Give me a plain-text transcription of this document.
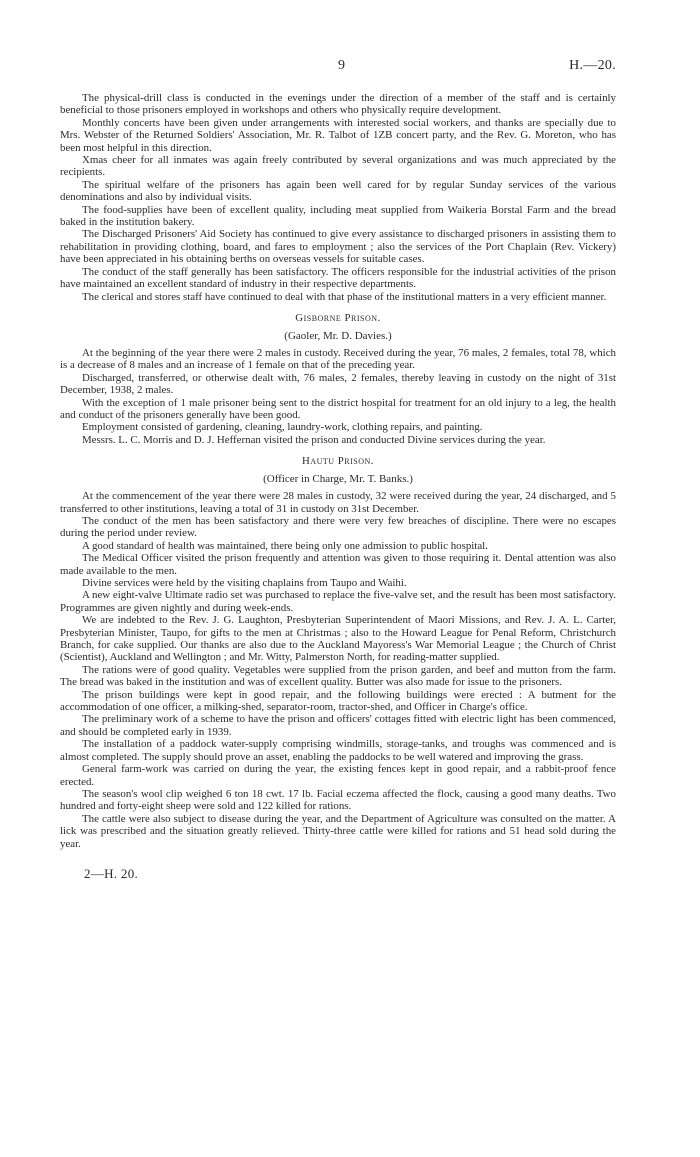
9	H.—20.

The physical-drill class is conducted in the evenings under the direction of a member of the staff and is certainly beneficial to those prisoners employed in workshops and others who physically require development.

Monthly concerts have been given under arrangements with interested social workers, and thanks are specially due to Mrs. Webster of the Returned Soldiers' Association, Mr. R. Talbot of 1ZB concert party, and the Rev. G. Moreton, who has been most helpful in this direction.

Xmas cheer for all inmates was again freely contributed by several organizations and was much appreciated by the recipients.

The spiritual welfare of the prisoners has again been well cared for by regular Sunday services of the various denominations and also by individual visits.

The food-supplies have been of excellent quality, including meat supplied from Waikeria Borstal Farm and the bread baked in the institution bakery.

The Discharged Prisoners' Aid Society has continued to give every assistance to discharged prisoners in assisting them to rehabilitation in providing clothing, board, and fares to employment ; also the services of the Port Chaplain (Rev. Vickery) have been appreciated in his obtaining berths on overseas vessels for suitable cases.

The conduct of the staff generally has been satisfactory. The officers responsible for the industrial activities of the prison have maintained an excellent standard of industry in their respective departments.

The clerical and stores staff have continued to deal with that phase of the institutional matters in a very efficient manner.

Gisborne Prison.
(Gaoler, Mr. D. Davies.)

At the beginning of the year there were 2 males in custody. Received during the year, 76 males, 2 females, total 78, which is a decrease of 8 males and an increase of 1 female on that of the preceding year.

Discharged, transferred, or otherwise dealt with, 76 males, 2 females, thereby leaving in custody on the night of 31st December, 1938, 2 males.

With the exception of 1 male prisoner being sent to the district hospital for treatment for an old injury to a leg, the health and conduct of the prisoners generally have been good.

Employment consisted of gardening, cleaning, laundry-work, clothing repairs, and painting.

Messrs. L. C. Morris and D. J. Heffernan visited the prison and conducted Divine services during the year.

Hautu Prison.
(Officer in Charge, Mr. T. Banks.)

At the commencement of the year there were 28 males in custody, 32 were received during the year, 24 discharged, and 5 transferred to other institutions, leaving a total of 31 in custody on 31st December.

The conduct of the men has been satisfactory and there were very few breaches of discipline. There were no escapes during the period under review.

A good standard of health was maintained, there being only one admission to public hospital.

The Medical Officer visited the prison frequently and attention was given to those requiring it. Dental attention was also made available to the men.

Divine services were held by the visiting chaplains from Taupo and Waihi.

A new eight-valve Ultimate radio set was purchased to replace the five-valve set, and the result has been most satisfactory. Programmes are given nightly and during week-ends.

We are indebted to the Rev. J. G. Laughton, Presbyterian Superintendent of Maori Missions, and Rev. J. A. L. Carter, Presbyterian Minister, Taupo, for gifts to the men at Christmas ; also to the Howard League for Penal Reform, Christchurch Branch, for cake supplied. Our thanks are also due to the Auckland Mayoress's War Memorial League ; the Church of Christ (Scientist), Auckland and Wellington ; and Mr. Witty, Palmerston North, for reading-matter supplied.

The rations were of good quality. Vegetables were supplied from the prison garden, and beef and mutton from the farm. The bread was baked in the institution and was of excellent quality. Butter was also made for issue to the prisoners.

The prison buildings were kept in good repair, and the following buildings were erected : A butment for the accommodation of one officer, a milking-shed, separator-room, tractor-shed, and Officer in Charge's office.

The preliminary work of a scheme to have the prison and officers' cottages fitted with electric light has been commenced, and should be completed early in 1939.

The installation of a paddock water-supply comprising windmills, storage-tanks, and troughs was commenced and is almost completed. The supply should prove an asset, enabling the paddocks to be well watered and improving the grass.

General farm-work was carried on during the year, the existing fences kept in good repair, and a rabbit-proof fence erected.

The season's wool clip weighed 6 ton 18 cwt. 17 lb. Facial eczema affected the flock, causing a good many deaths. Two hundred and forty-eight sheep were sold and 122 killed for rations.

The cattle were also subject to disease during the year, and the Department of Agriculture was consulted on the matter. A lick was prescribed and the situation greatly relieved. Thirty-three cattle were killed for rations and 51 head sold during the year.

2—H. 20.
